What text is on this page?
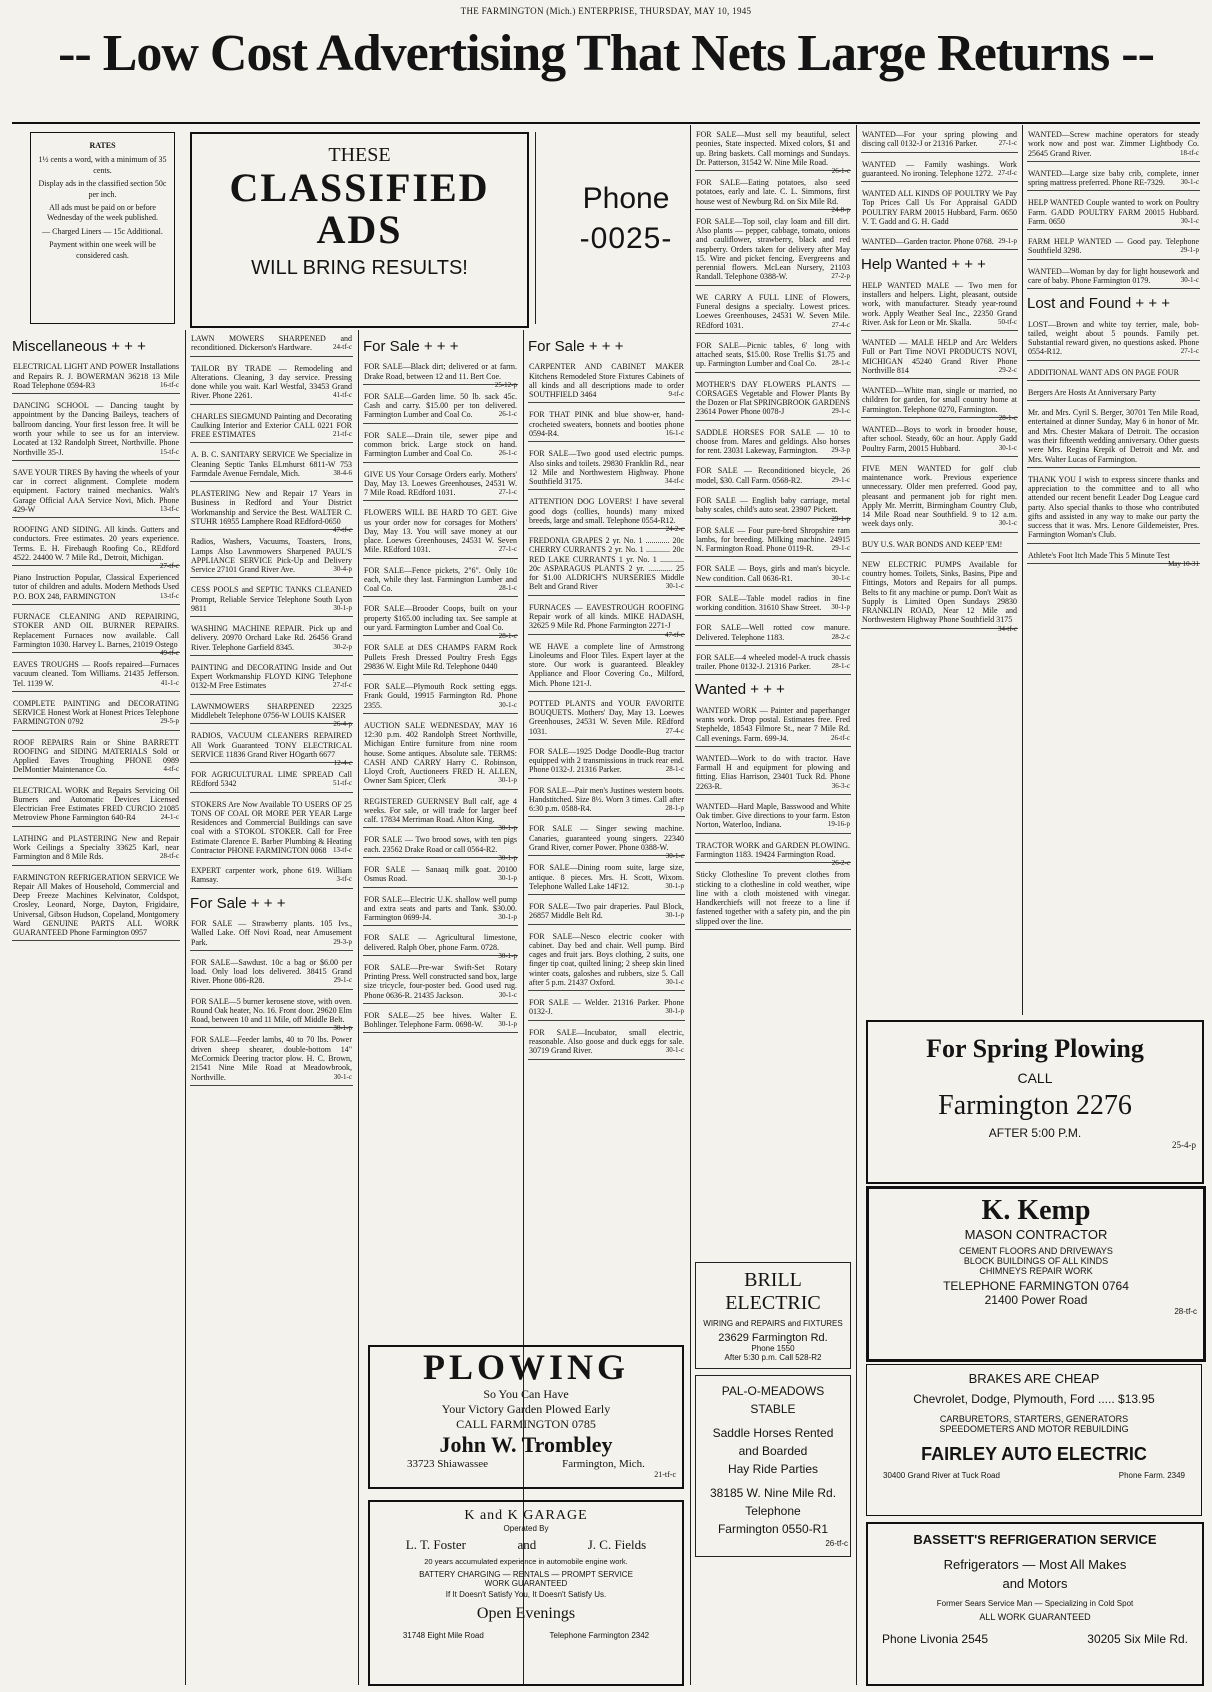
THE FARMINGTON (Mich.) ENTERPRISE, THURSDAY, MAY 10, 1945
-- Low Cost Advertising That Nets Large Returns --
RATES
1½ cents a word, with a minimum of 35 cents.
Display ads in the classified section 50c per inch.
All ads must be paid on or before Wednesday of the week published.
— Charged Liners — 15c Additional.
Payment within one week will be considered cash.
THESE
CLASSIFIED
ADS
WILL BRING RESULTS!
Phone
-0025-
Miscellaneous + + +
ELECTRICAL LIGHT AND POWER Installations and Repairs R. J. BOWERMAN 36218 13 Mile Road Telephone 0594-R3	16-tf-c
DANCING SCHOOL — Dancing taught by appointment by the Dancing Baileys, teachers of ballroom dancing. Your first lesson free. It will be worth your while to see us for an interview. Located at 132 Randolph Street, Northville. Phone Northville 35-J.	15-tf-c
SAVE YOUR TIRES By having the wheels of your car in correct alignment. Complete modern equipment. Factory trained mechanics. Walt's Garage Official AAA Service Novi, Mich. Phone 429-W	13-tf-c
ROOFING AND SIDING. All kinds. Gutters and conductors. Free estimates. 20 years experience. Terms. E. H. Firebaugh Roofing Co., REdford 4522. 24400 W. 7 Mile Rd., Detroit, Michigan.
27-tf-c
Piano Instruction Popular, Classical Experienced tutor of children and adults. Modern Methods Used P.O. BOX 248, FARMINGTON	13-tf-c
FURNACE CLEANING AND REPAIRING, STOKER AND OIL BURNER REPAIRS. Replacement Furnaces now available. Call Farmington 1030. Harvey L. Barnes, 21019 Ostego
49-tf-c
EAVES TROUGHS — Roofs repaired—Furnaces vacuum cleaned. Tom Williams. 21435 Jefferson. Tel. 1139 W.	41-1-c
COMPLETE PAINTING and DECORATING SERVICE Honest Work at Honest Prices Telephone FARMINGTON 0792	29-5-p
ROOF REPAIRS Rain or Shine BARRETT ROOFING and SIDING MATERIALS Sold or Applied Eaves Troughing PHONE 0989 DelMontier Maintenance Co.	4-tf-c
ELECTRICAL WORK and Repairs Servicing Oil Burners and Automatic Devices Licensed Electrician Free Estimates FRED CURCIO 21085 Metroview Phone Farmington 640-R4	24-1-c
LATHING and PLASTERING New and Repair Work Ceilings a Specialty 33625 Karl, near Farmington and 8 Mile Rds.	28-tf-c
FARMINGTON REFRIGERATION SERVICE We Repair All Makes of Household, Commercial and Deep Freeze Machines Kelvinator, Coldspot, Crosley, Leonard, Norge, Dayton, Frigidaire, Universal, Gibson Hudson, Copeland, Montgomery Ward GENUINE PARTS ALL WORK GUARANTEED Phone Farmington 0957
LAWN MOWERS SHARPENED and reconditioned. Dickerson's Hardware.	24-tf-c
TAILOR BY TRADE — Remodeling and Alterations. Cleaning, 3 day service. Pressing done while you wait. Karl Westfal, 33453 Grand River. Phone 2261.	41-tf-c
CHARLES SIEGMUND Painting and Decorating Caulking Interior and Exterior CALL 0221 FOR FREE ESTIMATES	21-tf-c
A. B. C. SANITARY SERVICE We Specialize in Cleaning Septic Tanks ELmhurst 6811-W 753 Farmdale Avenue Ferndale, Mich.	38-4-6
PLASTERING New and Repair 17 Years in Business in Redford and Your District Workmanship and Service the Best. WALTER C. STUHR 16955 Lamphere Road REdford-0650
47-tf-c
Radios, Washers, Vacuums, Toasters, Irons, Lamps Also Lawnmowers Sharpened PAUL'S APPLIANCE SERVICE Pick-Up and Delivery Service 27101 Grand River Ave.	30-4-p
CESS POOLS and SEPTIC TANKS CLEANED Prompt, Reliable Service Telephone South Lyon 9811	30-1-p
WASHING MACHINE REPAIR. Pick up and delivery. 20970 Orchard Lake Rd. 26456 Grand River. Telephone Garfield 8345.	30-2-p
PAINTING and DECORATING Inside and Out Expert Workmanship FLOYD KING Telephone 0132-M Free Estimates	27-tf-c
LAWNMOWERS SHARPENED 22325 Middlebelt Telephone 0756-W LOUIS KAISER
26-4-p
RADIOS, VACUUM CLEANERS REPAIRED All Work Guaranteed TONY ELECTRICAL SERVICE 11836 Grand River HOgarth 6677
12-4-c
FOR AGRICULTURAL LIME SPREAD Call REdford 5342	51-tf-c
STOKERS Are Now Available TO USERS OF 25 TONS OF COAL OR MORE PER YEAR Large Residences and Commercial Buildings can save coal with a STOKOL STOKER. Call for Free Estimate Clarence E. Barber Plumbing & Heating Contractor PHONE FARMINGTON 0068 13-tf-c
EXPERT carpenter work, phone 619. William Ramsay.	3-tf-c
For Sale + + +
FOR SALE — Strawberry plants. 105 Ivs., Walled Lake. Off Novi Road, near Amusement Park.	29-3-p
FOR SALE—Sawdust. 10c a bag or $6.00 per load. Only load lots delivered. 38415 Grand River. Phone 086-R28.	29-1-c
FOR SALE—5 burner kerosene stove, with oven. Round Oak heater, No. 16. Front door. 29620 Elm Road, between 10 and 11 Mile, off Middle Belt.
30-1-p
FOR SALE—Feeder lambs, 40 to 70 lbs. Power driven sheep shearer, double-bottom 14" McCormick Deering tractor plow. H. C. Brown, 21541 Nine Mile Road at Meadowbrook, Northville.	30-1-c
For Sale + + +
FOR SALE—Black dirt; delivered or at farm. Drake Road, between 12 and 11. Bert Coe.
25-12-p
FOR SALE—Garden lime. 50 lb. sack 45c. Cash and carry. $15.00 per ton delivered. Farmington Lumber and Coal Co.	26-1-c
FOR SALE—Drain tile, sewer pipe and common brick. Large stock on hand. Farmington Lumber and Coal Co.	26-1-c
GIVE US Your Corsage Orders early. Mothers' Day, May 13. Loewes Greenhouses, 24531 W. 7 Mile Road. REdford 1031.	27-1-c
FLOWERS WILL BE HARD TO GET. Give us your order now for corsages for Mothers' Day, May 13. You will save money at our place. Loewes Greenhouses, 24531 W. Seven Mile. REdford 1031.	27-1-c
FOR SALE—Fence pickets, 2"6". Only 10c each, while they last. Farmington Lumber and Coal Co.	28-1-c
FOR SALE—Brooder Coops, built on your property $165.00 including tax. See sample at our yard. Farmington Lumber and Coal Co.
28-1-c
FOR SALE at DES CHAMPS FARM Rock Pullets Fresh Dressed Poultry Fresh Eggs 29836 W. Eight Mile Rd. Telephone 0440
FOR SALE—Plymouth Rock setting eggs. Frank Gould, 19915 Farmington Rd. Phone 2355.	30-1-c
AUCTION SALE WEDNESDAY, MAY 16 12:30 p.m. 402 Randolph Street Northville, Michigan Entire furniture from nine room house. Some antiques. Absolute sale. TERMS: CASH AND CARRY Harry C. Robinson, Lloyd Croft, Auctioneers FRED H. ALLEN, Owner Sam Spicer, Clerk	30-1-p
REGISTERED GUERNSEY Bull calf, age 4 weeks. For sale, or will trade for larger beef calf. 17834 Merriman Road. Alton King.
30-1-p
FOR SALE — Two brood sows, with ten pigs each. 23562 Drake Road or call 0564-R2.
30-1-p
FOR SALE — Sanaaq milk goat. 20100 Osmus Road.	30-1-p
FOR SALE—Electric U.K. shallow well pump and extra seats and parts and Tank. $30.00. Farmington 0699-J4.	30-1-p
FOR SALE — Agricultural limestone, delivered. Ralph Ober, phone Farm. 0728.
30-1-p
FOR SALE—Pre-war Swift-Set Rotary Printing Press. Well constructed sand box, large size tricycle, four-poster bed. Good used rug. Phone 0636-R. 21435 Jackson.	30-1-c
FOR SALE—25 bee hives. Walter E. Bohlinger. Telephone Farm. 0698-W. 30-1-p
For Sale + + +
CARPENTER AND CABINET MAKER Kitchens Remodeled Store Fixtures Cabinets of all kinds and all descriptions made to order SOUTHFIELD 3464	9-tf-c
FOR THAT PINK and blue show-er, hand-crocheted sweaters, bonnets and booties phone 0594-R4.	16-1-c
FOR SALE—Two good used electric pumps. Also sinks and toilets. 29830 Franklin Rd., near 12 Mile and Northwestern Highway. Phone Southfield 3175.	34-tf-c
ATTENTION DOG LOVERS! I have several good dogs (collies, hounds) many mixed breeds, large and small. Telephone 0554-R12.
24-2-c
FREDONIA GRAPES 2 yr. No. 1 ............ 20c CHERRY CURRANTS 2 yr. No. 1 ............ 20c RED LAKE CURRANTS 1 yr. No. 1 ............ 20c ASPARAGUS PLANTS 2 yr. ............ 25 for $1.00 ALDRICH'S NURSERIES Middle Belt and Grand River	30-1-c
FURNACES — EAVESTROUGH ROOFING Repair work of all kinds. MIKE HADASH, 32625 9 Mile Rd. Phone Farmington 2271-J
47-tf-c
WE HAVE a complete line of Armstrong Linoleums and Floor Tiles. Expert layer at the store. Our work is guaranteed. Bleakley Appliance and Floor Covering Co., Milford, Mich. Phone 121-J.
POTTED PLANTS and YOUR FAVORITE BOUQUETS. Mothers' Day, May 13. Loewes Greenhouses, 24531 W. Seven Mile. REdford 1031.	27-4-c
FOR SALE—1925 Dodge Doodle-Bug tractor equipped with 2 transmissions in truck rear end. Phone 0132-J. 21316 Parker.	28-1-c
FOR SALE—Pair men's Justines western boots. Handstitched. Size 8½. Worn 3 times. Call after 6:30 p.m. 0588-R4.	28-1-p
FOR SALE — Singer sewing machine. Canaries, guaranteed young singers. 22340 Grand River, corner Power. Phone 0388-W.
30-1-c
FOR SALE—Dining room suite, large size, antique. 8 pieces. Mrs. H. Scott, Wixom. Telephone Walled Lake 14F12.	30-1-p
FOR SALE—Two pair draperies. Paul Block, 26857 Middle Belt Rd.	30-1-p
FOR SALE—Nesco electric cooker with cabinet. Day bed and chair. Well pump. Bird cages and fruit jars. Boys clothing, 2 suits, one finger tip coat, quilted lining; 2 sheep skin lined winter coats, galoshes and rubbers, size 5. Call after 5 p.m. 21437 Oxford.	30-1-c
FOR SALE — Welder. 21316 Parker. Phone 0132-J.	30-1-p
FOR SALE—Incubator, small electric, reasonable. Also goose and duck eggs for sale. 30719 Grand River.	30-1-c
FOR SALE—Must sell my beautiful, select peonies, State inspected. Mixed colors, $1 and up. Bring baskets. Call mornings and Sundays. Dr. Patterson, 31542 W. Nine Mile Road.
26-1-c
FOR SALE—Eating potatoes, also seed potatoes, early and late. C. L. Simmons, first house west of Newburg Rd. on Six Mile Rd.
24-8-p
FOR SALE—Top soil, clay loam and fill dirt. Also plants — pepper, cabbage, tomato, onions and cauliflower, strawberry, black and red raspberry. Orders taken for delivery after May 15. Wire and picket fencing. Evergreens and perennial flowers. McLean Nursery, 21103 Randall. Telephone 0388-W.	27-2-p
WE CARRY A FULL LINE of Flowers, Funeral designs a specialty. Lowest prices. Loewes Greenhouses, 24531 W. Seven Mile. REdford 1031.	27-4-c
FOR SALE—Picnic tables, 6' long with attached seats, $15.00. Rose Trellis $1.75 and up. Farmington Lumber and Coal Co. 28-1-c
MOTHER'S DAY FLOWERS PLANTS — CORSAGES Vegetable and Flower Plants By the Dozen or Flat SPRINGBROOK GARDENS 23614 Power Phone 0078-J	29-1-c
SADDLE HORSES FOR SALE — 10 to choose from. Mares and geldings. Also horses for rent. 23031 Lakeway, Farmington. 29-3-p
FOR SALE — Reconditioned bicycle, 26 model, $30. Call Farm. 0568-R2.	29-1-c
FOR SALE — English baby carriage, metal baby scales, child's auto seat. 23907 Pickett.
29-1-p
FOR SALE — Four pure-bred Shropshire ram lambs, for breeding. Milking machine. 24915 N. Farmington Road. Phone 0119-R.	29-1-c
FOR SALE — Boys, girls and man's bicycle. New condition. Call 0636-R1.	30-1-c
FOR SALE—Table model radios in fine working condition. 31610 Shaw Street. 30-1-p
FOR SALE—Well rotted cow manure. Delivered. Telephone 1183.	28-2-c
FOR SALE—4 wheeled model-A truck chassis trailer. Phone 0132-J. 21316 Parker.	28-1-c
Wanted + + +
WANTED WORK — Painter and paperhanger wants work. Drop postal. Estimates free. Fred Stephelde, 18543 Filmore St., near 7 Mile Rd. Call evenings. Farm. 699-J4.	26-tf-c
WANTED—Work to do with tractor. Have Farmall H and equipment for plowing and fitting. Elias Harrison, 23401 Tuck Rd. Phone 2263-R.	36-3-c
WANTED—Hard Maple, Basswood and White Oak timber. Give directions to your farm. Eston Norton, Waterloo, Indiana.	19-16-p
TRACTOR WORK and GARDEN PLOWING. Farmington 1183. 19424 Farmington Road.
26-2-c
Sticky Clothesline To prevent clothes from sticking to a clothesline in cold weather, wipe line with a cloth moistened with vinegar. Handkerchiefs will not freeze to a line if fastened together with a safety pin, and the pin slipped over the line.
WANTED—For your spring plowing and discing call 0132-J or 21316 Parker.	27-1-c
WANTED — Family washings. Work guaranteed. No ironing. Telephone 1272. 27-tf-c
WANTED ALL KINDS OF POULTRY We Pay Top Prices Call Us For Appraisal GADD POULTRY FARM 20015 Hubbard, Farm. 0650 V. T. Gadd and G. H. Gadd
WANTED—Garden tractor. Phone 0768. 29-1-p
Help Wanted + + +
HELP WANTED MALE — Two men for installers and helpers. Light, pleasant, outside work, with manufacturer. Steady year-round work. Apply Weather Seal Inc., 22350 Grand River. Ask for Leon or Mr. Skalla.	50-tf-c
WANTED — MALE HELP and Arc Welders Full or Part Time NOVI PRODUCTS NOVI, MICHIGAN 45240 Grand River Phone Northville 814	29-2-c
WANTED—White man, single or married, no children for garden, for small country home at Farmington. Telephone 0270, Farmington.
28-1-c
WANTED—Boys to work in brooder house, after school. Steady, 60c an hour. Apply Gadd Poultry Farm, 20015 Hubbard.	30-1-c
FIVE MEN WANTED for golf club maintenance work. Previous experience unnecessary. Older men preferred. Good pay, pleasant and permanent job for right men. Apply Mr. Merritt, Birmingham Country Club, 14 Mile Road near Southfield. 9 to 12 a.m. week days only.	30-1-c
BUY U.S. WAR BONDS AND KEEP 'EM!
NEW ELECTRIC PUMPS Available for country homes. Toilets, Sinks, Basins, Pipe and Fittings, Motors and Repairs for all pumps. Belts to fit any machine or pump. Don't Wait as Supply is Limited Open Sundays 29830 FRANKLIN ROAD, Near 12 Mile and Northwestern Highway Phone Southfield 3175
34-tf-c
WANTED—Screw machine operators for steady work now and post war. Zimmer Lightbody Co. 25645 Grand River.	18-tf-c
WANTED—Large size baby crib, complete, inner spring mattress preferred. Phone RE-7329. 30-1-c
HELP WANTED Couple wanted to work on Poultry Farm. GADD POULTRY FARM 20015 Hubbard. Farm. 0650	30-1-c
FARM HELP WANTED — Good pay. Telephone Southfield 3298.	29-1-p
WANTED—Woman by day for light housework and care of baby. Phone Farmington 0179.	30-1-c
Lost and Found + + +
LOST—Brown and white toy terrier, male, bob-tailed, weight about 5 pounds. Family pet. Substantial reward given, no questions asked. Phone 0554-R12.	27-1-c
ADDITIONAL WANT ADS ON PAGE FOUR
Bergers Are Hosts At Anniversary Party
Mr. and Mrs. Cyril S. Berger, 30701 Ten Mile Road, entertained at dinner Sunday, May 6 in honor of Mr. and Mrs. Chester Makara of Detroit. The occasion was their fifteenth wedding anniversary. Other guests were Mrs. Regina Krepik of Detroit and Mr. and Mrs. Walter Lucas of Farmington.
THANK YOU I wish to express sincere thanks and appreciation to the committee and to all who attended our recent benefit Leader Dog League card party. Also special thanks to those who contributed gifts and assisted in any way to make our party the success that it was. Mrs. Lenore Gildemeister, Pres. Farmington Woman's Club.
Athlete's Foot Itch Made This 5 Minute Test
May 10-31
BRILL
ELECTRIC
WIRING and REPAIRS and FIXTURES
23629 Farmington Rd.
Phone 1550
After 5:30 p.m. Call 528-R2
PAL-O-MEADOWS
STABLE
Saddle Horses Rented
and Boarded
Hay Ride Parties
38185 W. Nine Mile Rd.
Telephone
Farmington 0550-R1
26-tf-c
PLOWING
So You Can Have
Your Victory Garden Plowed Early
CALL FARMINGTON 0785
John W. Trombley
33723 Shiawassee	Farmington, Mich.
21-tf-c
K and K GARAGE
Operated By
L. T. Foster	and	J. C. Fields
20 years accumulated experience in automobile engine work.
BATTERY CHARGING — RENTALS — PROMPT SERVICE
WORK GUARANTEED
If It Doesn't Satisfy You, It Doesn't Satisfy Us.
Open Evenings
31748 Eight Mile Road	Telephone Farmington 2342
For Spring Plowing
CALL
Farmington 2276
AFTER 5:00 P.M.
25-4-p
K. Kemp
MASON CONTRACTOR
CEMENT FLOORS AND DRIVEWAYS
BLOCK BUILDINGS OF ALL KINDS
CHIMNEYS REPAIR WORK
TELEPHONE FARMINGTON 0764
21400 Power Road
28-tf-c
BRAKES ARE CHEAP
Chevrolet, Dodge, Plymouth, Ford ..... $13.95
CARBURETORS, STARTERS, GENERATORS
SPEEDOMETERS AND MOTOR REBUILDING
FAIRLEY AUTO ELECTRIC
30400 Grand River at Tuck Road	Phone Farm. 2349
BASSETT'S REFRIGERATION SERVICE
Refrigerators — Most All Makes
and Motors
Former Sears Service Man — Specializing in Cold Spot
ALL WORK GUARANTEED
Phone Livonia 2545	30205 Six Mile Rd.
